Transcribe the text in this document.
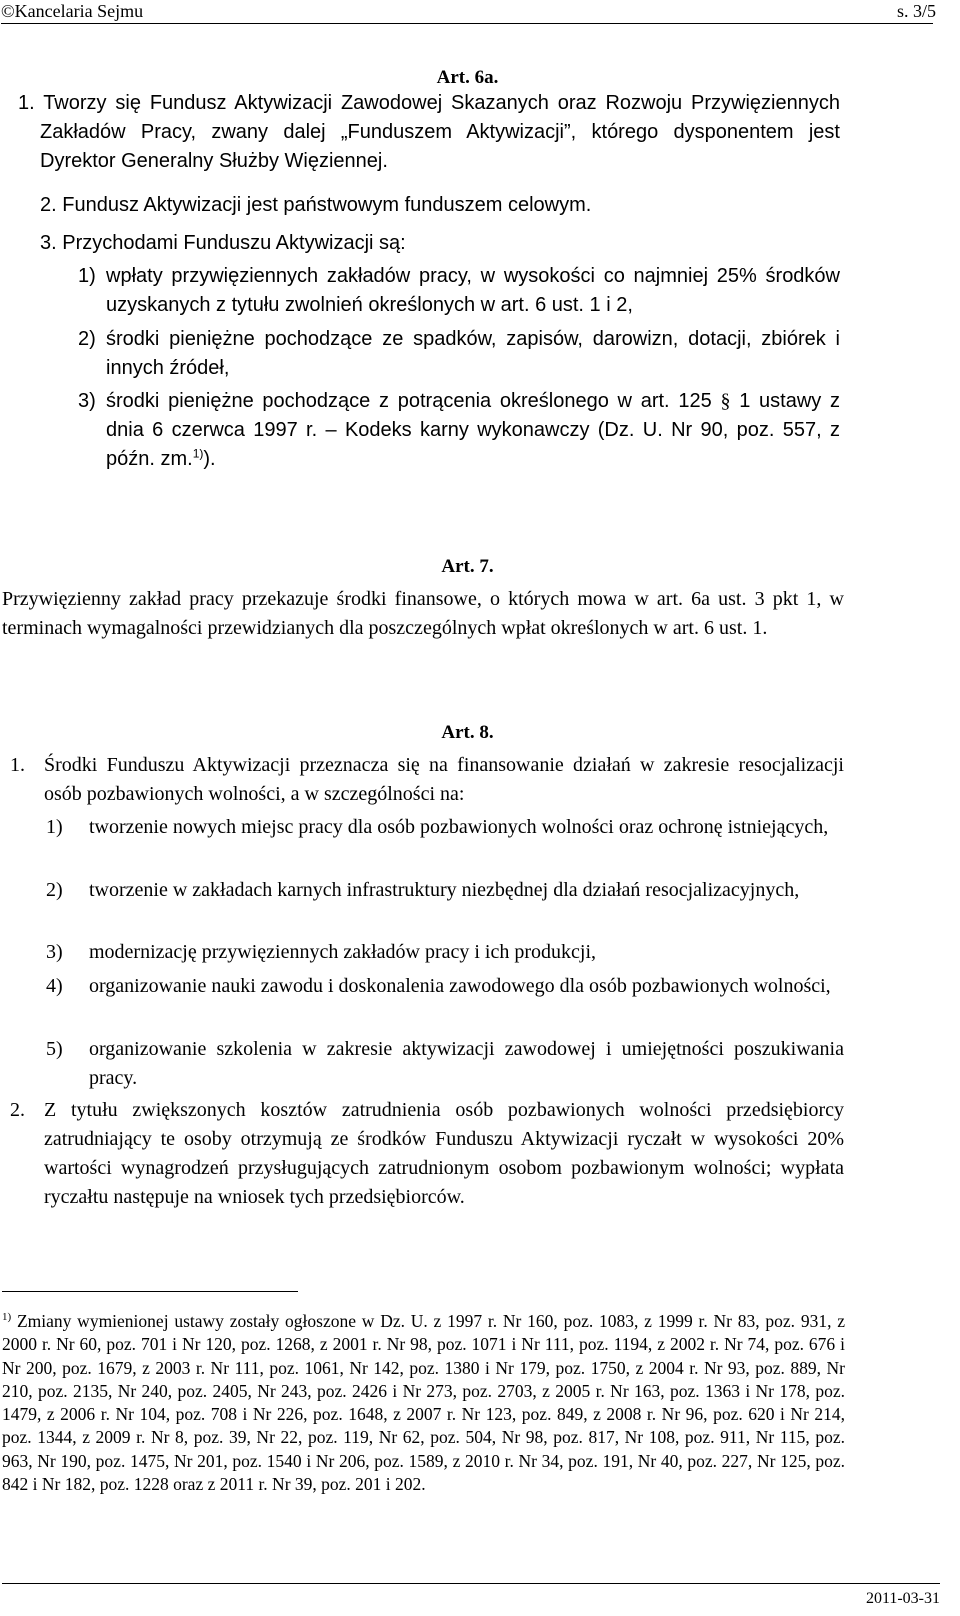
©Kancelaria Sejmu	s. 3/5
Art. 6a.

1. Tworzy się Fundusz Aktywizacji Zawodowej Skazanych oraz Rozwoju Przywięziennych Zakładów Pracy, zwany dalej „Funduszem Aktywizacji”, którego dysponentem jest Dyrektor Generalny Służby Więziennej.

2. Fundusz Aktywizacji jest państwowym funduszem celowym.

3. Przychodami Funduszu Aktywizacji są:

1) wpłaty przywięziennych zakładów pracy, w wysokości co najmniej 25% środków uzyskanych z tytułu zwolnień określonych w art. 6 ust. 1 i 2,
2) środki pieniężne pochodzące ze spadków, zapisów, darowizn, dotacji, zbiórek i innych źródeł,
3) środki pieniężne pochodzące z potrącenia określonego w art. 125 § 1 ustawy z dnia 6 czerwca 1997 r. – Kodeks karny wykonawczy (Dz. U. Nr 90, poz. 557, z późn. zm.$^{1)}$).
Art. 7.

Przywięzienny zakład pracy przekazuje środki finansowe, o których mowa w art. 6a ust. 3 pkt 1, w terminach wymagalności przewidzianych dla poszczególnych wpłat określonych w art. 6 ust. 1.

Art. 8.
1. Środki Funduszu Aktywizacji przeznacza się na finansowanie działań w zakresie resocjalizacji osób pozbawionych wolności, a w szczególności na:
1)	tworzenie nowych miejsc pracy dla osób pozbawionych wolności oraz ochronę istniejących,
2)	tworzenie w zakładach karnych infrastruktury niezbędnej dla działań resocjalizacyjnych,
3)	modernizację przywięziennych zakładów pracy i ich produkcji,
4)	organizowanie nauki zawodu i doskonalenia zawodowego dla osób pozbawionych wolności,
5)	organizowanie szkolenia w zakresie aktywizacji zawodowej i umiejętności poszukiwania pracy.
2. Z tytułu zwiększonych kosztów zatrudnienia osób pozbawionych wolności przedsiębiorcy zatrudniający te osoby otrzymują ze środków Funduszu Aktywizacji ryczałt w wysokości 20% wartości wynagrodzeń przysługujących zatrudnionym osobom pozbawionym wolności; wypłata ryczałtu następuje na wniosek tych przedsiębiorców.
$^{1)}$ Zmiany wymienionej ustawy zostały ogłoszone w Dz. U. z 1997 r. Nr 160, poz. 1083, z 1999 r. Nr 83, poz. 931, z 2000 r. Nr 60, poz. 701 i Nr 120, poz. 1268, z 2001 r. Nr 98, poz. 1071 i Nr 111, poz. 1194, z 2002 r. Nr 74, poz. 676 i Nr 200, poz. 1679, z 2003 r. Nr 111, poz. 1061, Nr 142, poz. 1380 i Nr 179, poz. 1750, z 2004 r. Nr 93, poz. 889, Nr 210, poz. 2135, Nr 240, poz. 2405, Nr 243, poz. 2426 i Nr 273, poz. 2703, z 2005 r. Nr 163, poz. 1363 i Nr 178, poz. 1479, z 2006 r. Nr 104, poz. 708 i Nr 226, poz. 1648, z 2007 r. Nr 123, poz. 849, z 2008 r. Nr 96, poz. 620 i Nr 214, poz. 1344, z 2009 r. Nr 8, poz. 39, Nr 22, poz. 119, Nr 62, poz. 504, Nr 98, poz. 817, Nr 108, poz. 911, Nr 115, poz. 963, Nr 190, poz. 1475, Nr 201, poz. 1540 i Nr 206, poz. 1589, z 2010 r. Nr 34, poz. 191, Nr 40, poz. 227, Nr 125, poz. 842 i Nr 182, poz. 1228 oraz z 2011 r. Nr 39, poz. 201 i 202.
2011-03-31
